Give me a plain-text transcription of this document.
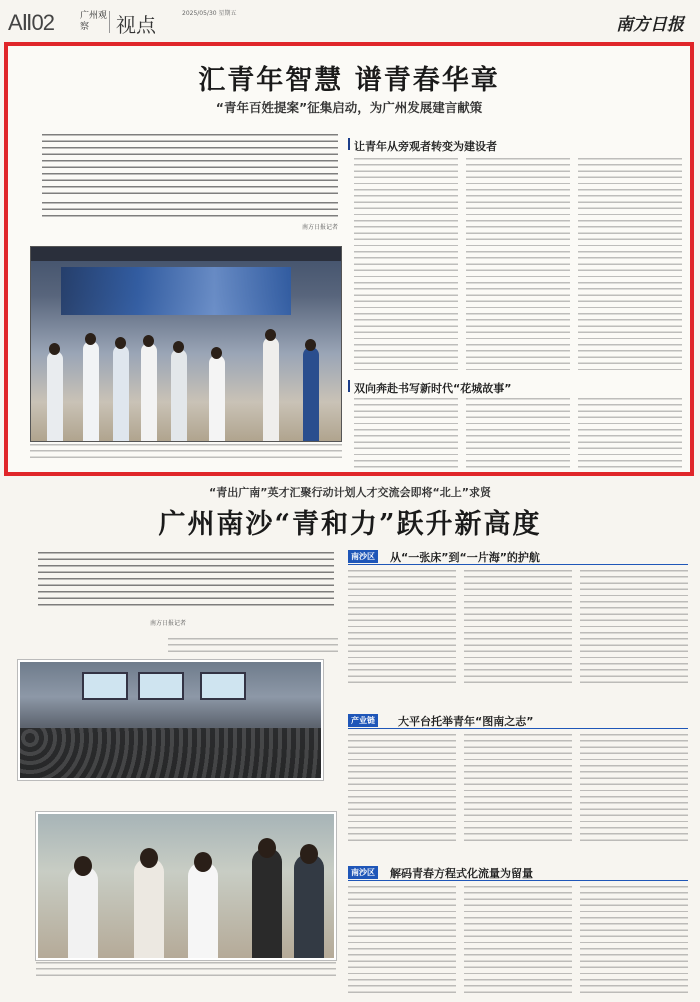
AⅡ02	广州观察	视点	2025/05/30 星期五
南方日报
汇青年智慧 谱青春华章
“青年百姓提案”征集启动，为广州发展建言献策
南方日报记者
让青年从旁观者转变为建设者
双向奔赴书写新时代“花城故事”
“青出广南”英才汇聚行动计划人才交流会即将“北上”求贤
广州南沙“青和力”跃升新高度
南方日报记者
南沙区 从“一张床”到“一片海”的护航
产业链 大平台托举青年“图南之志”
南沙区 解码青春方程式化流量为留量
